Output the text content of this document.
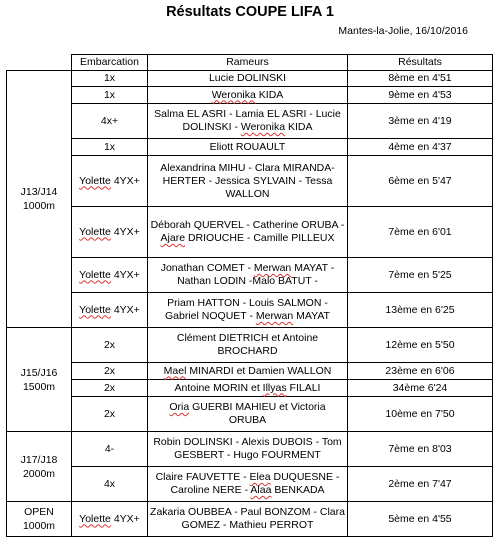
Résultats COUPE LIFA 1
Mantes-la-Jolie, 16/10/2016
	Embarcation	Rameurs	Résultats

J13/J14
1000m	1x	Lucie DOLINSKI	8ème en 4'51
	1x	Weronika KIDA	9ème en 4'53
	4x+	Salma EL ASRI - Lamia EL ASRI - Lucie DOLINSKI - Weronika KIDA	3ème en 4'19
	1x	Eliott ROUAULT	4ème en 4'37
	Yolette 4YX+	Alexandrina MIHU - Clara MIRANDA-HERTER - Jessica SYLVAIN - Tessa WALLON	6ème en 5'47
	Yolette 4YX+	Déborah QUERVEL - Catherine ORUBA - Ajare DRIOUCHE - Camille PILLEUX	7ème en 6'01
	Yolette 4YX+	Jonathan COMET - Merwan MAYAT - Nathan LODIN -Malo BATUT -	7ème en 5'25
	Yolette 4YX+	Priam HATTON - Louis SALMON - Gabriel NOQUET - Merwan MAYAT	13ème en 6'25

J15/J16
1500m	2x	Clément DIETRICH et Antoine BROCHARD	12ème en 5'50
	2x	Mael MINARDI et Damien WALLON	23ème en 6'06
	2x	Antoine MORIN et Illyas FILALI	34ème 6'24
	2x	Oria GUERBI MAHIEU et Victoria ORUBA	10ème en 7'50

J17/J18
2000m	4-	Robin DOLINSKI - Alexis DUBOIS - Tom GESBERT - Hugo FOURMENT	7ème en 8'03
	4x	Claire FAUVETTE - Elea DUQUESNE - Caroline NERE - Alaa BENKADA	2ème en 7'47

OPEN
1000m	Yolette 4YX+	Zakaria OUBBEA - Paul BONZOM - Clara GOMEZ - Mathieu PERROT	5ème en 4'55
